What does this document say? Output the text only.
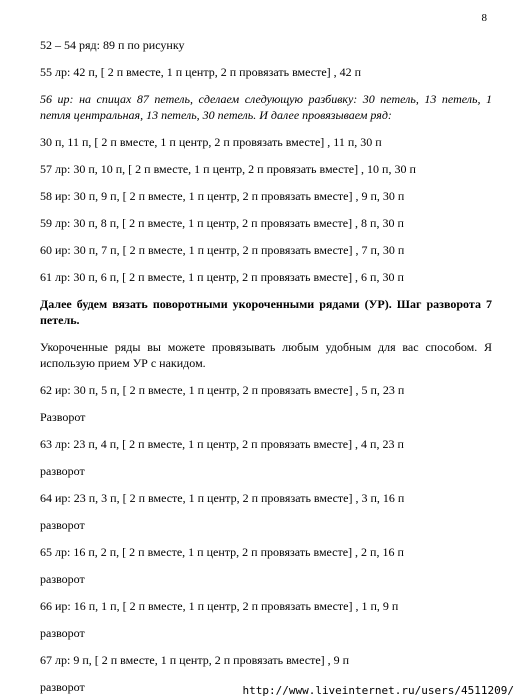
8

52 – 54 ряд: 89 п по рисунку

55 лр: 42 п, [ 2 п вместе, 1 п центр, 2 п провязать вместе] , 42 п

56 ир: на спицах 87 петель, сделаем следующую разбивку: 30 петель, 13 петель, 1 петля центральная, 13 петель, 30 петель. И далее провязываем ряд:

30 п, 11 п, [ 2 п вместе, 1 п центр, 2 п провязать вместе] , 11 п, 30 п

57 лр: 30 п, 10 п, [ 2 п вместе, 1 п центр, 2 п провязать вместе] , 10 п, 30 п

58 ир: 30 п, 9 п, [ 2 п вместе, 1 п центр, 2 п провязать вместе] , 9 п, 30 п

59 лр: 30 п, 8 п, [ 2 п вместе, 1 п центр, 2 п провязать вместе] , 8 п, 30 п

60 ир: 30 п, 7 п, [ 2 п вместе, 1 п центр, 2 п провязать вместе] , 7 п, 30 п

61 лр: 30 п, 6 п, [ 2 п вместе, 1 п центр, 2 п провязать вместе] , 6 п, 30 п

Далее будем вязать поворотными укороченными рядами (УР). Шаг разворота 7 петель.

Укороченные ряды вы можете провязывать любым удобным для вас способом. Я использую прием УР с накидом.

62 ир: 30 п, 5 п, [ 2 п вместе, 1 п центр, 2 п провязать вместе] , 5 п, 23 п

Разворот

63 лр: 23 п, 4 п, [ 2 п вместе, 1 п центр, 2 п провязать вместе] , 4 п, 23 п

разворот

64 ир: 23 п, 3 п, [ 2 п вместе, 1 п центр, 2 п провязать вместе] , 3 п, 16 п

разворот

65 лр: 16 п, 2 п, [ 2 п вместе, 1 п центр, 2 п провязать вместе] , 2 п, 16 п

разворот

66 ир: 16 п, 1 п, [ 2 п вместе, 1 п центр, 2 п провязать вместе] , 1 п, 9 п

разворот

67 лр: 9 п, [ 2 п вместе, 1 п центр, 2 п провязать вместе] , 9 п

разворот	http://www.liveinternet.ru/users/4511209/
